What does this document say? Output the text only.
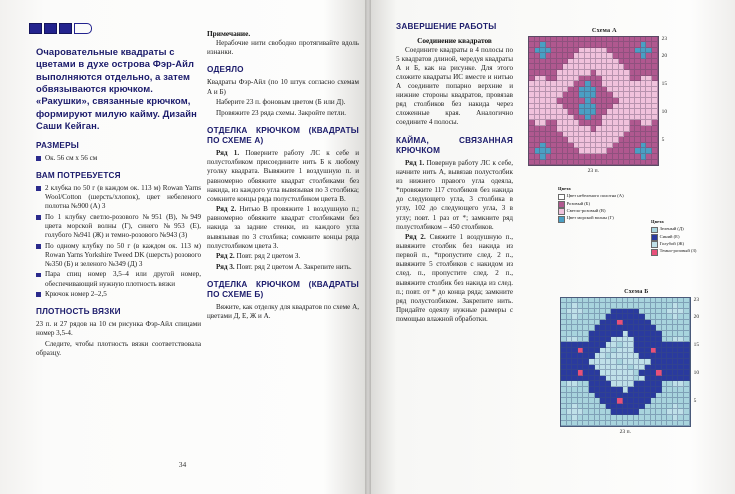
Очаровательные квадраты с цветами в духе острова Фэр-Айл выполняются отдельно, а затем обвязываются крючком. «Ракушки», связанные крючком, формируют милую кайму. Дизайн Саши Кейган.
РАЗМЕРЫ
Ок. 56 см х 56 см
ВАМ ПОТРЕБУЕТСЯ
2 клубка по 50 г (в каждом ок. 113 м) Rowan Yarns Wool/Cotton (шерсть/хлопок), цвет небеленого полотна №900 (А) 3
По 1 клубку светло-розового №951 (В), №949 цвета морской волны (Г), синего №953 (Е), голубого №941 (Ж) и темно-розового №943 (З)
По одному клубку по 50 г (в каждом ок. 113 м) Rowan Yarns Yorkshire Tweed DK (шерсть) розового №350 (Б) и зеленого №349 (Д) 3
Пара спиц номер 3,5–4 или другой номер, обеспечивающий нужную плотность вязки
Крючок номер 2–2,5
ПЛОТНОСТЬ ВЯЗКИ

23 п. и 27 рядов на 10 см рисунка Фэр-Айл спицами номер 3,5-4.

Следите, чтобы плотность вязки соответствовала образцу.

Примечание.

Нерабочие нити свободно протягивайте вдоль изнанки.

ОДЕЯЛО

Квадраты Фэр-Айл (по 10 штук согласно схемам А и Б)

Наберите 23 п. фоновым цветом (Б или Д).

Провяжите 23 ряда схемы. Закройте петли.

ОТДЕЛКА КРЮЧКОМ (КВАДРАТЫ ПО СХЕМЕ А)

Ряд 1. Поверните работу ЛС к себе и полустолбиком присоедините нить Б к любому уголку квадрата. Вывяжите 1 воздушную п. и равномерно обвяжите квадрат столбиками без накида, из каждого угла вывязывая по 3 столбика; сомкните концы ряда полустолбиком цвета В.

Ряд 2. Нитью В провяжите 1 воздушную п.; равномерно обвяжите квадрат столбиками без накида за задние стенки, из каждого угла вывязывая по 3 столбика; сомкните концы ряда полустолбиком цвета З.

Ряд 2. Повт. ряд 2 цветом З.

Ряд 3. Повт. ряд 2 цветом А. Закрепите нить.

ОТДЕЛКА КРЮЧКОМ (КВАДРАТЫ ПО СХЕМЕ Б)

Вяжите, как отделку для квадратов по схеме А, цветами Д, Е, Ж и А.

ЗАВЕРШЕНИЕ РАБОТЫ
Соединение квадратов

Соедините квадраты в 4 полосы по 5 квадратов длиной, чередуя квадраты А и Б, как на рисунке. Для этого сложите квадраты ИС вместе и нитью А соедините попарно верхние и нижние стороны квадратов, провязав ряд столбиков без накида через сложенные края. Аналогично соедините 4 полосы.

КАЙМА, СВЯЗАННАЯ КРЮЧКОМ

Ряд 1. Повернув работу ЛС к себе, начните нить А, вывязав полустолбик из нижнего правого угла одеяла, *провяжите 117 столбиков без накида до следующего угла, 3 столбика в углу, 102 до следующего угла, 3 в углу; повт. 1 раз от *; замкните ряд полустолбиком – 450 столбиков.

Ряд 2. Свяжите 1 воздушную п., вывяжите столбик без накида из первой п., *пропустите след. 2 п., вывяжите 5 столбиков с накидом из след. п., пропустите след. 2 п., вывяжите столбик без накида из след. п.; повт. от * до конца ряда; замкните ряд полустолбиком. Закрепите нить. Придайте одеялу нужные размеры с помощью влажной обработки.

Схема А
5
10
15
20
23
23 п.
Цвета
Цвет небеленого полотна (А)
Розовый (Б)
Светло-розовый (В)
Цвет морской волны (Г)
Схема Б
5
10
15
20
23
23 п.
Цвета
Зеленый (Д)
Синий (Е)
Голубой (Ж)
Темно-розовый (З)
34
